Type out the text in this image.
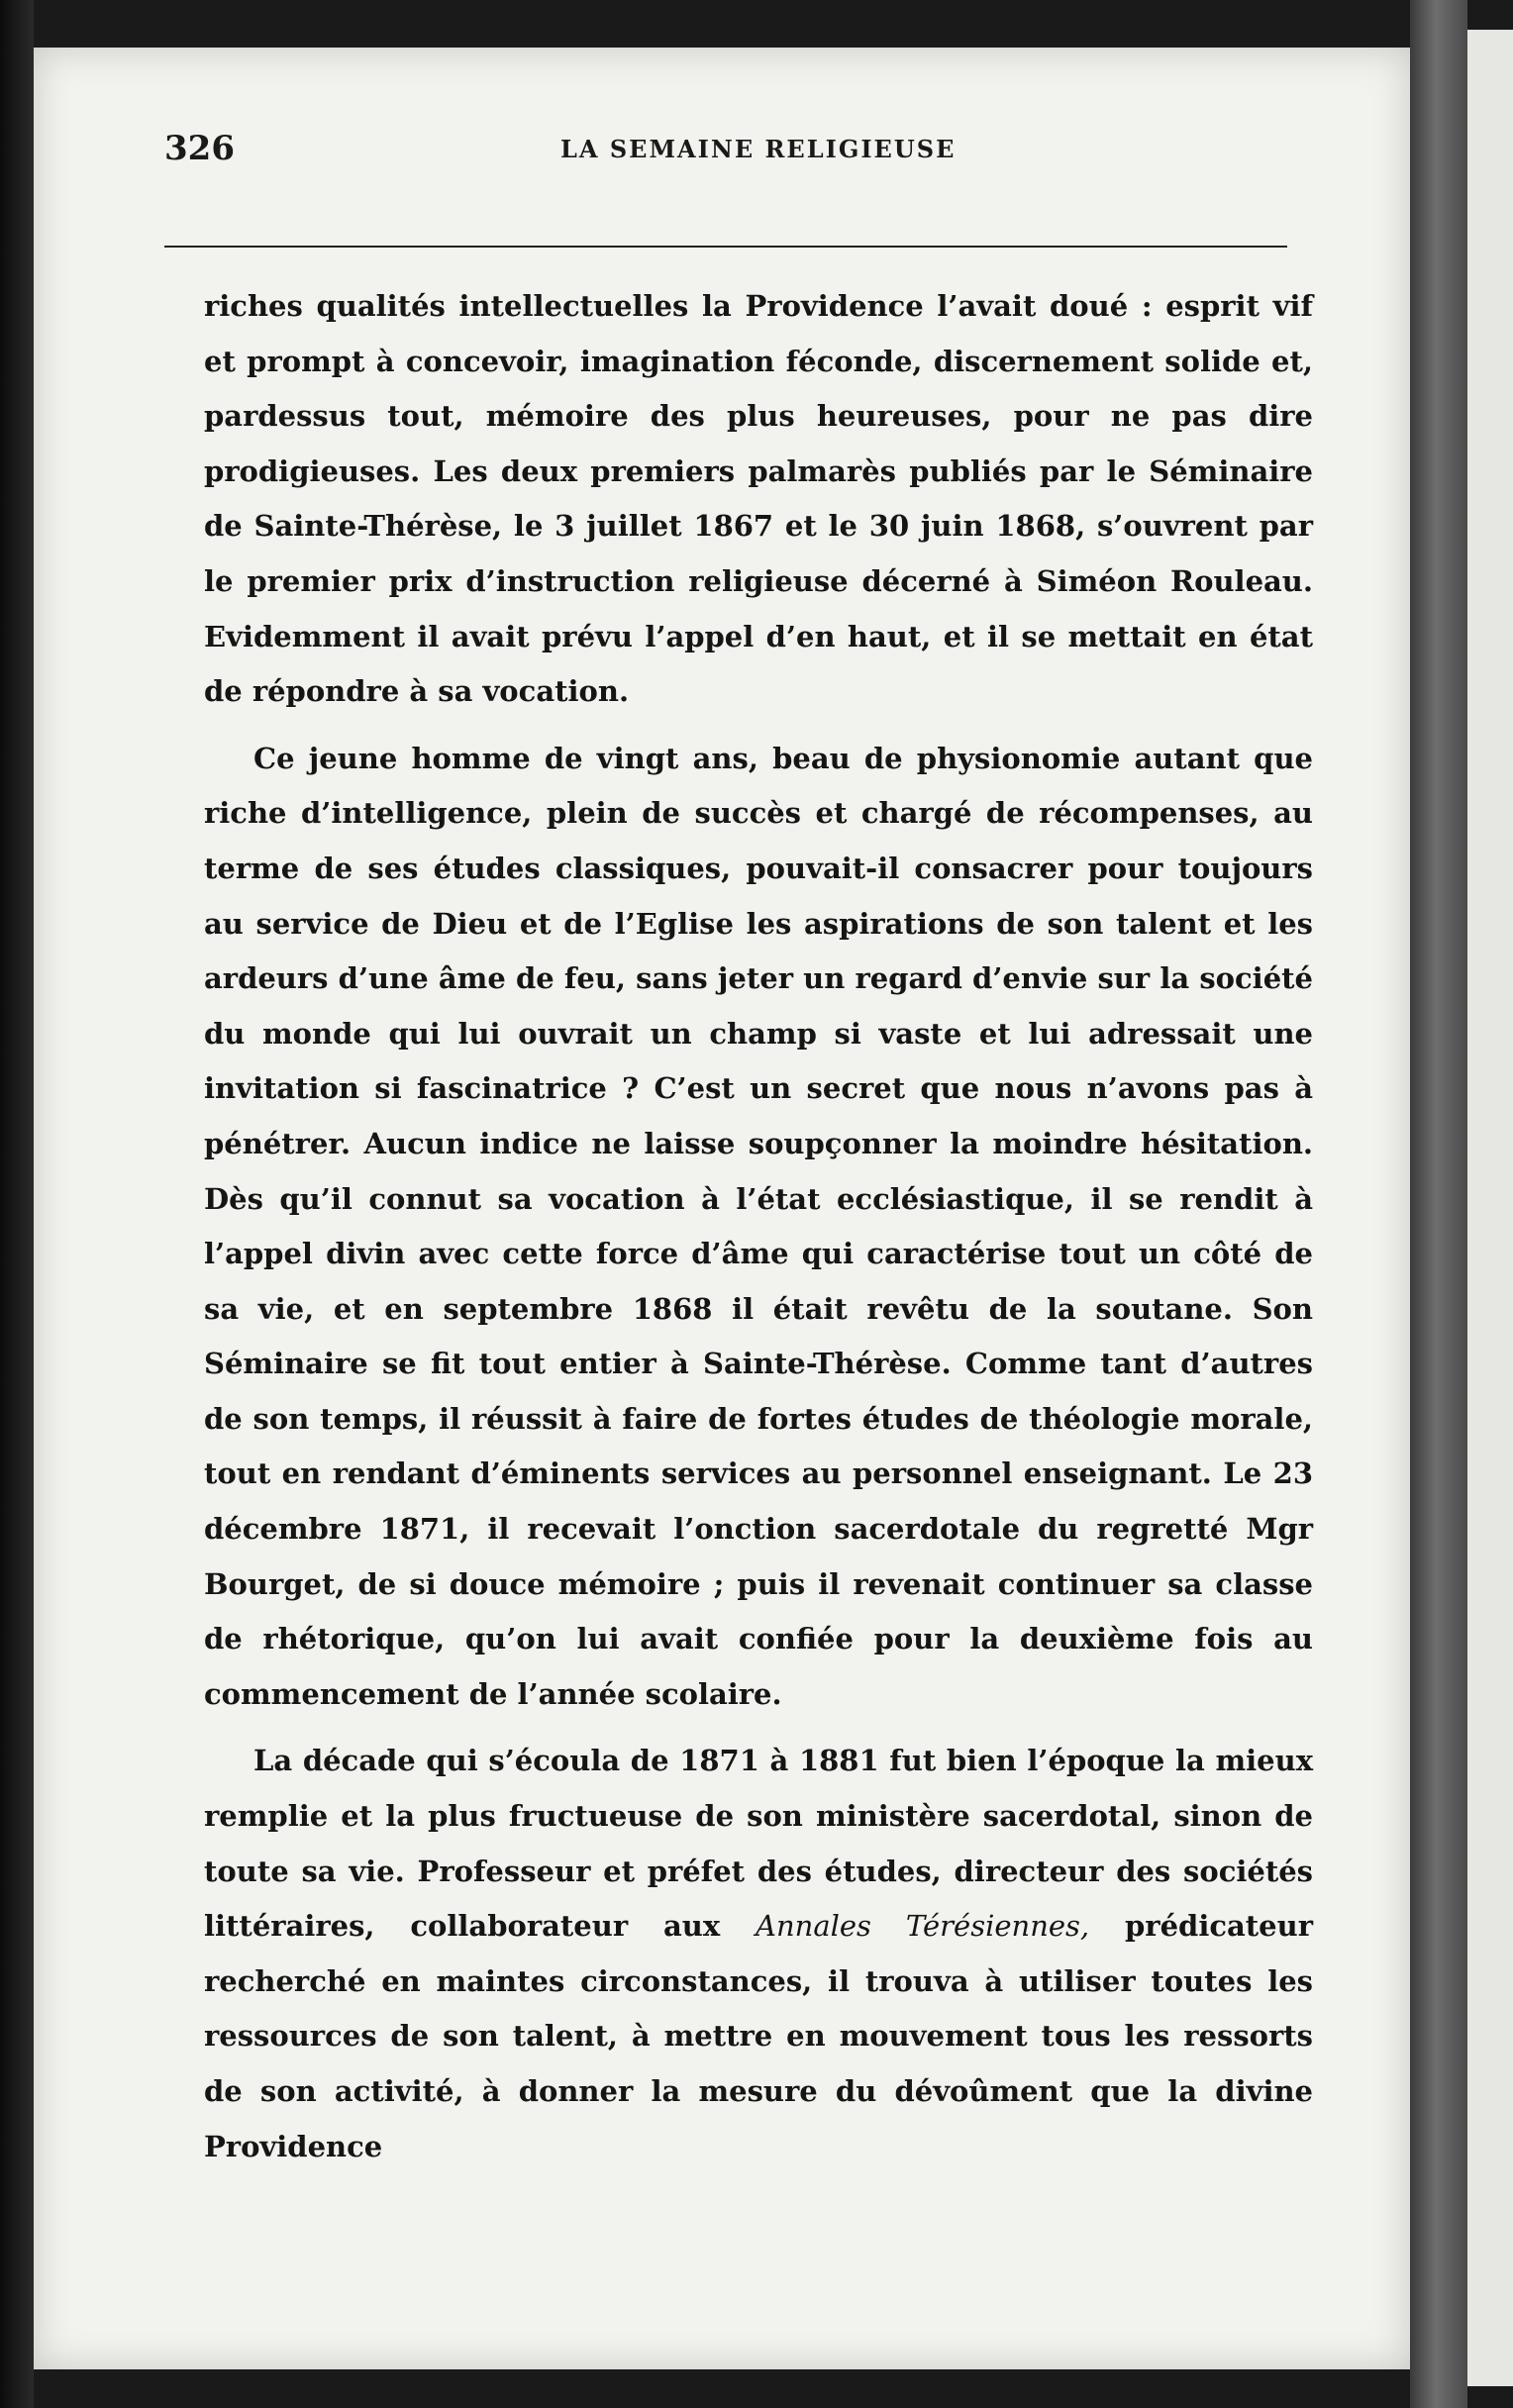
326	LA SEMAINE RELIGIEUSE

riches qualités intellectuelles la Providence l’avait doué : esprit vif et prompt à concevoir, imagination féconde, discernement solide et, pardessus tout, mémoire des plus heureuses, pour ne pas dire prodigieuses. Les deux premiers palmarès publiés par le Séminaire de Sainte-Thérèse, le 3 juillet 1867 et le 30 juin 1868, s’ouvrent par le premier prix d’instruction religieuse décerné à Siméon Rouleau. Evidemment il avait prévu l’appel d’en haut, et il se mettait en état de répondre à sa vocation.

Ce jeune homme de vingt ans, beau de physionomie autant que riche d’intelligence, plein de succès et chargé de récompenses, au terme de ses études classiques, pouvait-il consacrer pour toujours au service de Dieu et de l’Eglise les aspirations de son talent et les ardeurs d’une âme de feu, sans jeter un regard d’envie sur la société du monde qui lui ouvrait un champ si vaste et lui adressait une invitation si fascinatrice ? C’est un secret que nous n’avons pas à pénétrer. Aucun indice ne laisse soupçonner la moindre hésitation. Dès qu’il connut sa vocation à l’état ecclésiastique, il se rendit à l’appel divin avec cette force d’âme qui caractérise tout un côté de sa vie, et en septembre 1868 il était revêtu de la soutane. Son Séminaire se fit tout entier à Sainte-Thérèse. Comme tant d’autres de son temps, il réussit à faire de fortes études de théologie morale, tout en rendant d’éminents services au personnel enseignant. Le 23 décembre 1871, il recevait l’onction sacerdotale du regretté Mgr Bourget, de si douce mémoire ; puis il revenait continuer sa classe de rhétorique, qu’on lui avait confiée pour la deuxième fois au commencement de l’année scolaire.

La décade qui s’écoula de 1871 à 1881 fut bien l’époque la mieux remplie et la plus fructueuse de son ministère sacerdotal, sinon de toute sa vie. Professeur et préfet des études, directeur des sociétés littéraires, collaborateur aux Annales Térésiennes, prédicateur recherché en maintes circonstances, il trouva à utiliser toutes les ressources de son talent, à mettre en mouvement tous les ressorts de son activité, à donner la mesure du dévoûment que la divine Providence
